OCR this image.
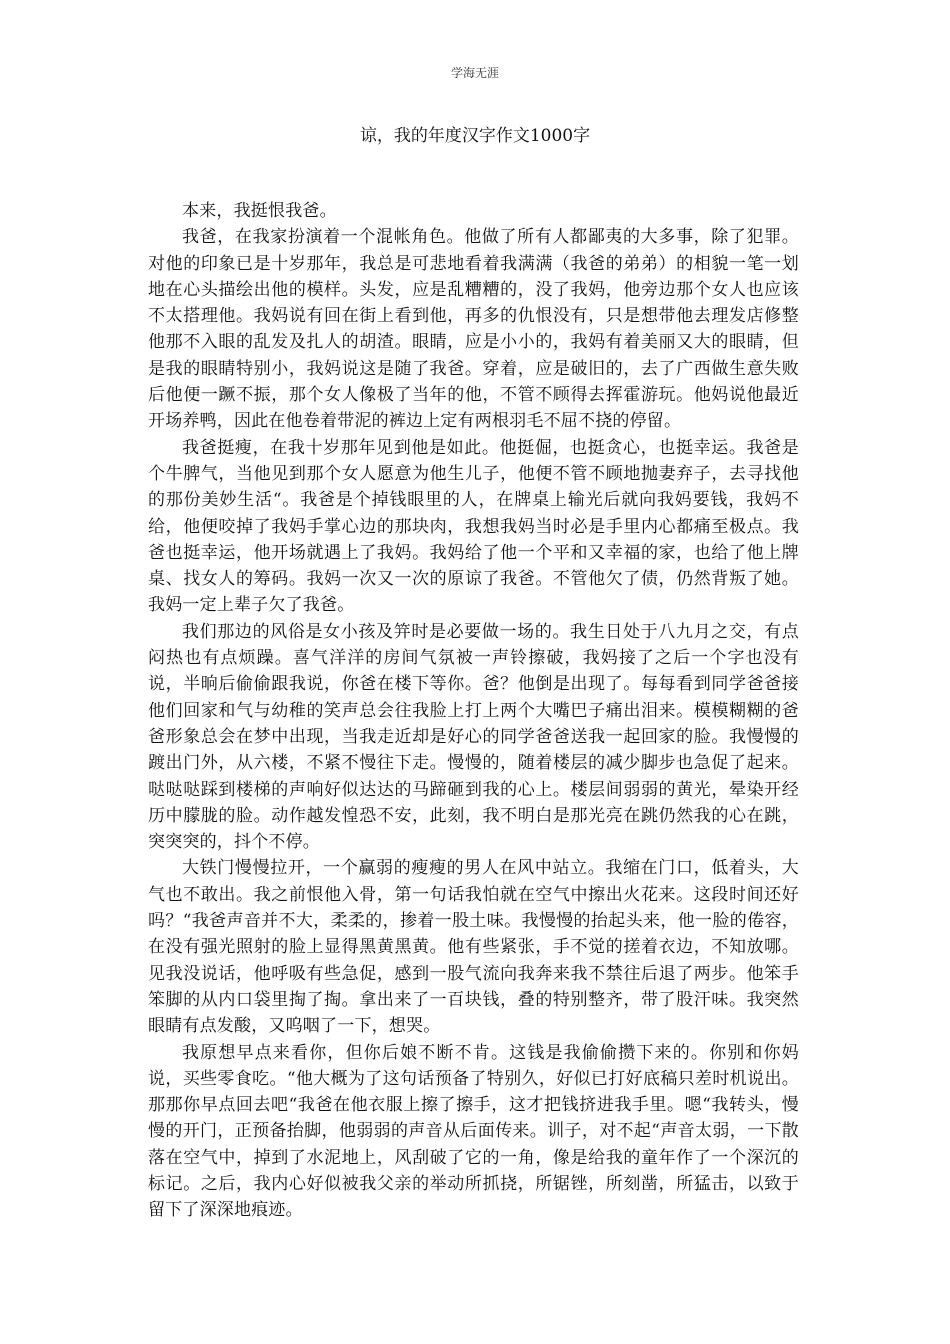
学海无涯
谅，我的年度汉字作文1000字

本来，我挺恨我爸。

我爸，在我家扮演着一个混帐角色。他做了所有人都鄙夷的大多事，除了犯罪。对他的印象已是十岁那年，我总是可悲地看着我满满（我爸的弟弟）的相貌一笔一划地在心头描绘出他的模样。头发，应是乱糟糟的，没了我妈，他旁边那个女人也应该不太搭理他。我妈说有回在街上看到他，再多的仇恨没有，只是想带他去理发店修整他那不入眼的乱发及扎人的胡渣。眼睛，应是小小的，我妈有着美丽又大的眼睛，但是我的眼睛特别小，我妈说这是随了我爸。穿着，应是破旧的，去了广西做生意失败后他便一蹶不振，那个女人像极了当年的他，不管不顾得去挥霍游玩。他妈说他最近开场养鸭，因此在他卷着带泥的裤边上定有两根羽毛不屈不挠的停留。

我爸挺瘦，在我十岁那年见到他是如此。他挺倔，也挺贪心，也挺幸运。我爸是个牛脾气，当他见到那个女人愿意为他生儿子，他便不管不顾地抛妻弃子，去寻找他的那份美妙生活“。我爸是个掉钱眼里的人，在牌桌上输光后就向我妈要钱，我妈不给，他便咬掉了我妈手掌心边的那块肉，我想我妈当时必是手里内心都痛至极点。我爸也挺幸运，他开场就遇上了我妈。我妈给了他一个平和又幸福的家，也给了他上牌桌、找女人的筹码。我妈一次又一次的原谅了我爸。不管他欠了债，仍然背叛了她。我妈一定上辈子欠了我爸。

我们那边的风俗是女小孩及笄时是必要做一场的。我生日处于八九月之交，有点闷热也有点烦躁。喜气洋洋的房间气氛被一声铃擦破，我妈接了之后一个字也没有说，半晌后偷偷跟我说，你爸在楼下等你。爸？他倒是出现了。每每看到同学爸爸接他们回家和气与幼稚的笑声总会往我脸上打上两个大嘴巴子痛出泪来。模模糊糊的爸爸形象总会在梦中出现，当我走近却是好心的同学爸爸送我一起回家的脸。我慢慢的踱出门外，从六楼，不紧不慢往下走。慢慢的，随着楼层的减少脚步也急促了起来。哒哒哒踩到楼梯的声响好似达达的马蹄砸到我的心上。楼层间弱弱的黄光，晕染开经历中朦胧的脸。动作越发惶恐不安，此刻，我不明白是那光亮在跳仍然我的心在跳，突突突的，抖个不停。

大铁门慢慢拉开，一个赢弱的瘦瘦的男人在风中站立。我缩在门口，低着头，大气也不敢出。我之前恨他入骨，第一句话我怕就在空气中擦出火花来。这段时间还好吗？“我爸声音并不大，柔柔的，掺着一股土味。我慢慢的抬起头来，他一脸的倦容，在没有强光照射的脸上显得黑黄黑黄。他有些紧张，手不觉的搓着衣边，不知放哪。见我没说话，他呼吸有些急促，感到一股气流向我奔来我不禁往后退了两步。他笨手笨脚的从内口袋里掏了掏。拿出来了一百块钱，叠的特别整齐，带了股汗味。我突然眼睛有点发酸，又呜咽了一下，想哭。

我原想早点来看你，但你后娘不断不肯。这钱是我偷偷攒下来的。你别和你妈说，买些零食吃。“他大概为了这句话预备了特别久，好似已打好底稿只差时机说出。那那你早点回去吧“我爸在他衣服上擦了擦手，这才把钱挤进我手里。嗯“我转头，慢慢的开门，正预备抬脚，他弱弱的声音从后面传来。训子，对不起“声音太弱，一下散落在空气中，掉到了水泥地上，风刮破了它的一角，像是给我的童年作了一个深沉的标记。之后，我内心好似被我父亲的举动所抓挠，所锯锉，所刻凿，所猛击，以致于留下了深深地痕迹。
